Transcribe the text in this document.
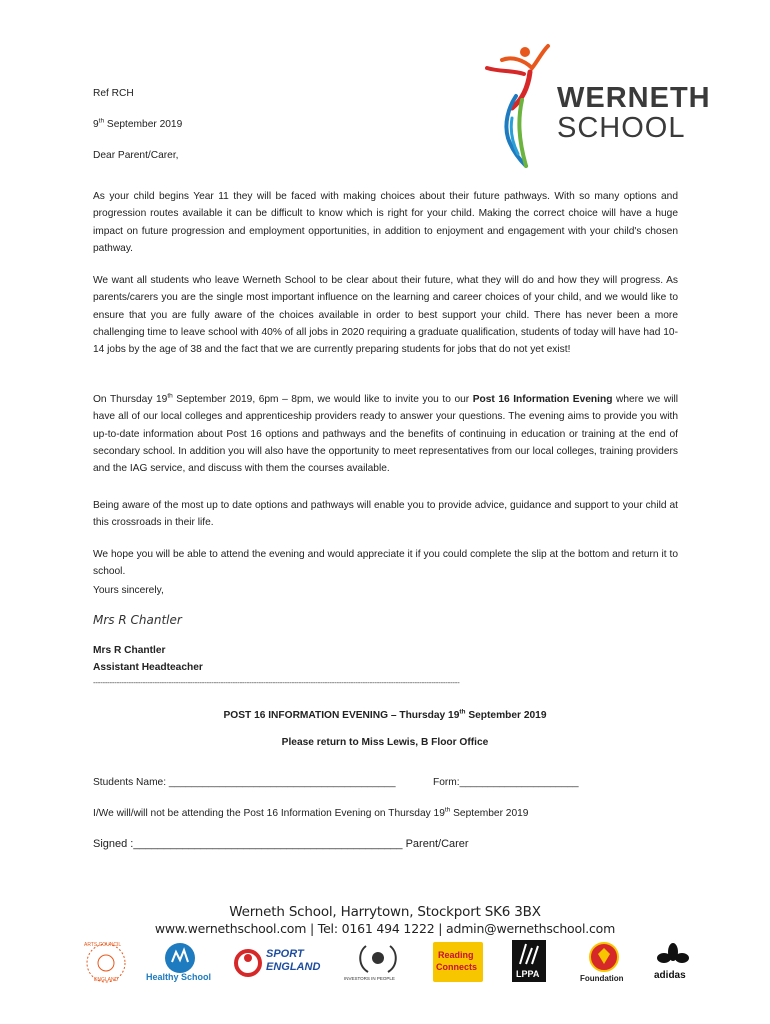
WERNETH
SCHOOL
Ref RCH
9th September 2019
Dear Parent/Carer,

As your child begins Year 11 they will be faced with making choices about their future pathways. With so many options and progression routes available it can be difficult to know which is right for your child. Making the correct choice will have a huge impact on future progression and employment opportunities, in addition to enjoyment and engagement with your child's chosen pathway.

We want all students who leave Werneth School to be clear about their future, what they will do and how they will progress. As parents/carers you are the single most important influence on the learning and career choices of your child, and we would like to ensure that you are fully aware of the choices available in order to best support your child. There has never been a more challenging time to leave school with 40% of all jobs in 2020 requiring a graduate qualification, students of today will have had 10-14 jobs by the age of 38 and the fact that we are currently preparing students for jobs that do not yet exist!

On Thursday 19th September 2019, 6pm – 8pm, we would like to invite you to our Post 16 Information Evening where we will have all of our local colleges and apprenticeship providers ready to answer your questions. The evening aims to provide you with up-to-date information about Post 16 options and pathways and the benefits of continuing in education or training at the end of secondary school. In addition you will also have the opportunity to meet representatives from our local colleges, training providers and the IAG service, and discuss with them the courses available.

Being aware of the most up to date options and pathways will enable you to provide advice, guidance and support to your child at this crossroads in their life.

We hope you will be able to attend the evening and would appreciate it if you could complete the slip at the bottom and return it to school.

Yours sincerely,
Mrs R Chantler
Mrs R Chantler
Assistant Headteacher
-----------------------------------------------------------------------------------------------------------------------------------------------------------
POST 16 INFORMATION EVENING – Thursday 19th September 2019
Please return to Miss Lewis, B Floor Office
Students Name: ________________________________________	Form:_____________________
I/We will/will not be attending the Post 16 Information Evening on Thursday 19th September 2019
Signed :____________________________________________ Parent/Carer
Werneth School, Harrytown, Stockport SK6 3BX
www.wernethschool.com | Tel: 0161 494 1222 | admin@wernethschool.com
ARTS COUNCIL
ENGLAND	Healthy School
SPORT
ENGLAND
INVESTORS IN PEOPLE
Reading
Connects
LPPA	Foundation	adidas
